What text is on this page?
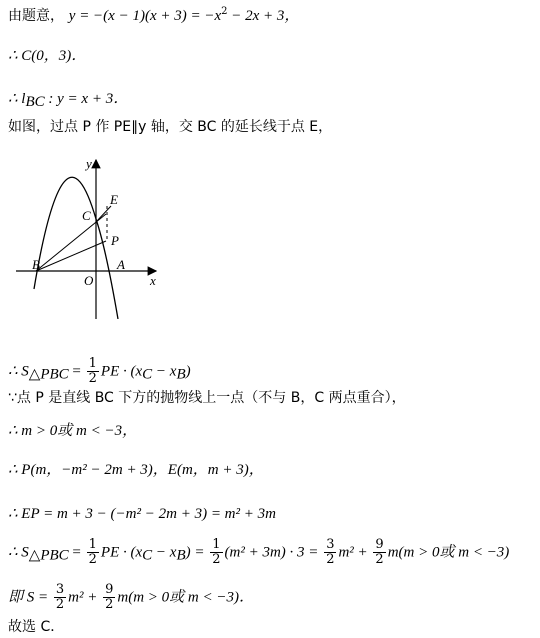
由题意， $y = -(x - 1)(x + 3) = -x^2 - 2x + 3$，
∴ C(0，3)．
∴ $l_{BC}$ : y = x + 3．
如图，过点 P 作 PE∥y 轴，交 BC 的延长线于点 E，
y
x
E
C
P
B	A
O
∴ $S_{\triangle PBC} = \frac{1}{2}$ PE · $(x_C - x_B)$
∵点 P 是直线 BC 下方的抛物线上一点（不与 B，C 两点重合），
∴ m > 0或 m < −3，
∴ P(m，−m² − 2m + 3)，E(m，m + 3)，
∴ EP = m + 3 − (−m² − 2m + 3) = m² + 3m
∴ $S_{\triangle PBC} = \frac{1}{2}$ PE · $(x_C - x_B) = \frac{1}{2} (m^2 + 3m) \cdot 3 = \frac{3}{2} m^2 + \frac{9}{2} m(m > 0$或 m < −3)
即 $S = \frac{3}{2} m^2 + \frac{9}{2} m(m > 0$或 m < −3)．
故选 C．
